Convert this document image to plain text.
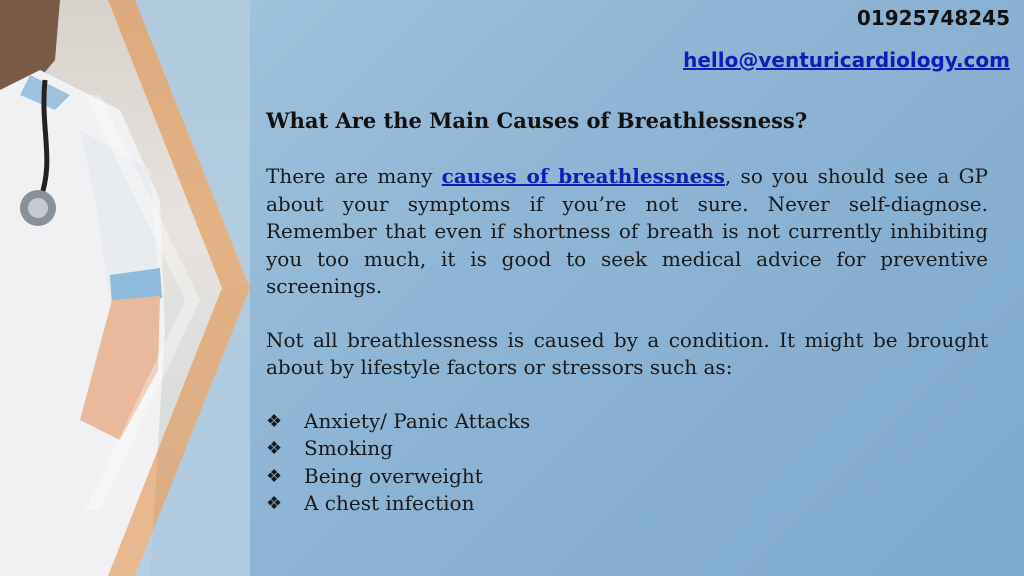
01925748245
hello@venturicardiology.com
What Are the Main Causes of Breathlessness?

There are many causes of breathlessness, so you should see a GP about your symptoms if you’re not sure. Never self-diagnose. Remember that even if shortness of breath is not currently inhibiting you too much, it is good to seek medical advice for preventive screenings.

Not all breathlessness is caused by a condition. It might be brought about by lifestyle factors or stressors such as:

❖	Anxiety/ Panic Attacks
❖	Smoking
❖	Being overweight
❖	A chest infection
